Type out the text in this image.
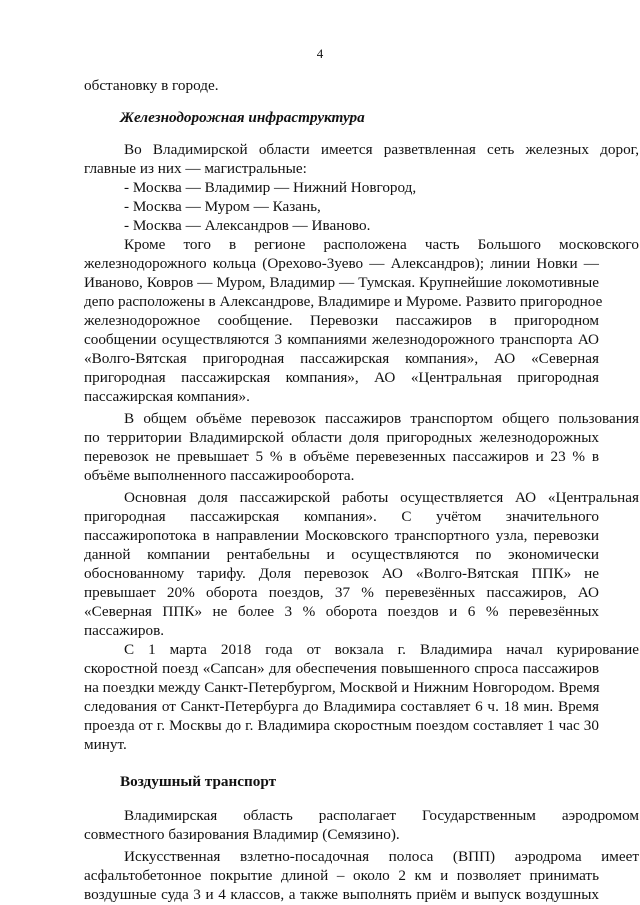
4
обстановку в городе.
Железнодорожная инфраструктура
Во Владимирской области имеется разветвленная сеть железных дорог,
главные из них — магистральные:
- Москва — Владимир — Нижний Новгород,
- Москва — Муром — Казань,
- Москва — Александров — Иваново.
Кроме того в регионе расположена часть Большого московского
железнодорожного кольца (Орехово-Зуево — Александров); линии Новки —
Иваново, Ковров — Муром, Владимир — Тумская. Крупнейшие локомотивные
депо расположены в Александрове, Владимире и Муроме. Развито пригородное
железнодорожное сообщение. Перевозки пассажиров в пригородном
сообщении осуществляются 3 компаниями железнодорожного транспорта АО
«Волго-Вятская пригородная пассажирская компания», АО «Северная
пригородная пассажирская компания», АО «Центральная пригородная
пассажирская компания».
В общем объёме перевозок пассажиров транспортом общего пользования
по территории Владимирской области доля пригородных железнодорожных
перевозок не превышает 5 % в объёме перевезенных пассажиров и 23 % в
объёме выполненного пассажирооборота.
Основная доля пассажирской работы осуществляется АО «Центральная
пригородная пассажирская компания». С учётом значительного
пассажиропотока в направлении Московского транспортного узла, перевозки
данной компании рентабельны и осуществляются по экономически
обоснованному тарифу. Доля перевозок АО «Волго-Вятская ППК» не
превышает 20% оборота поездов, 37 % перевезённых пассажиров, АО
«Северная ППК» не более 3 % оборота поездов и 6 % перевезённых
пассажиров.
С 1 марта 2018 года от вокзала г. Владимира начал курирование
скоростной поезд «Сапсан» для обеспечения повышенного спроса пассажиров
на поездки между Санкт-Петербургом, Москвой и Нижним Новгородом. Время
следования от Санкт-Петербурга до Владимира составляет 6 ч. 18 мин. Время
проезда от г. Москвы до г. Владимира скоростным поездом составляет 1 час 30
минут.
Воздушный транспорт
Владимирская область располагает Государственным аэродромом
совместного базирования Владимир (Семязино).
Искусственная взлетно-посадочная полоса (ВПП) аэродрома имеет
асфальтобетонное покрытие длиной – около 2 км и позволяет принимать
воздушные суда 3 и 4 классов, а также выполнять приём и выпуск воздушных
